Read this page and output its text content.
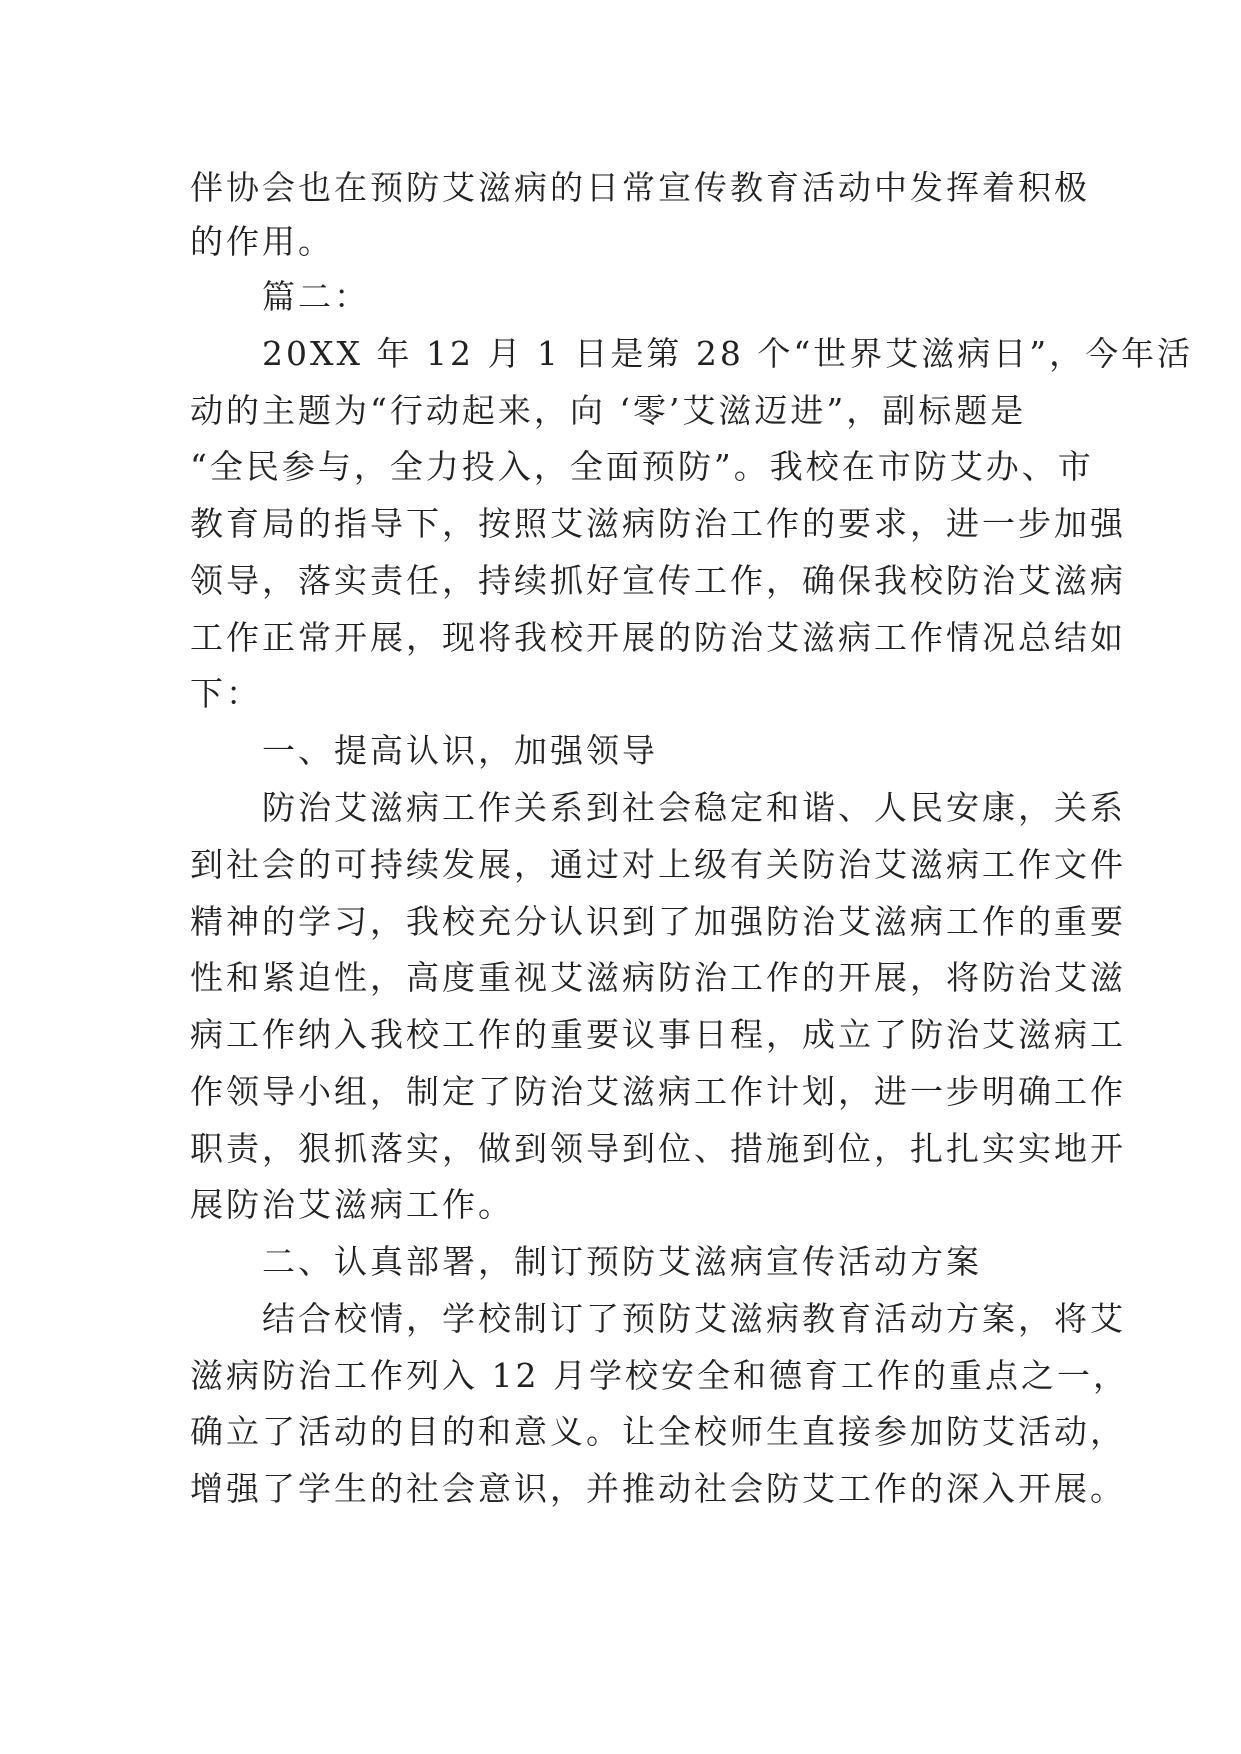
伴协会也在预防艾滋病的日常宣传教育活动中发挥着积极
的作用。
　　篇二：
　　20XX 年 12 月 1 日是第 28 个“世界艾滋病日”，今年活
动的主题为“行动起来，向 ‘零’艾滋迈进”，副标题是
“全民参与，全力投入，全面预防”。我校在市防艾办、市
教育局的指导下，按照艾滋病防治工作的要求，进一步加强
领导，落实责任，持续抓好宣传工作，确保我校防治艾滋病
工作正常开展，现将我校开展的防治艾滋病工作情况总结如
下：
　　一、提高认识，加强领导
　　防治艾滋病工作关系到社会稳定和谐、人民安康，关系
到社会的可持续发展，通过对上级有关防治艾滋病工作文件
精神的学习，我校充分认识到了加强防治艾滋病工作的重要
性和紧迫性，高度重视艾滋病防治工作的开展，将防治艾滋
病工作纳入我校工作的重要议事日程，成立了防治艾滋病工
作领导小组，制定了防治艾滋病工作计划，进一步明确工作
职责，狠抓落实，做到领导到位、措施到位，扎扎实实地开
展防治艾滋病工作。
　　二、认真部署，制订预防艾滋病宣传活动方案
　　结合校情，学校制订了预防艾滋病教育活动方案，将艾
滋病防治工作列入 12 月学校安全和德育工作的重点之一，
确立了活动的目的和意义。让全校师生直接参加防艾活动，
增强了学生的社会意识，并推动社会防艾工作的深入开展。
